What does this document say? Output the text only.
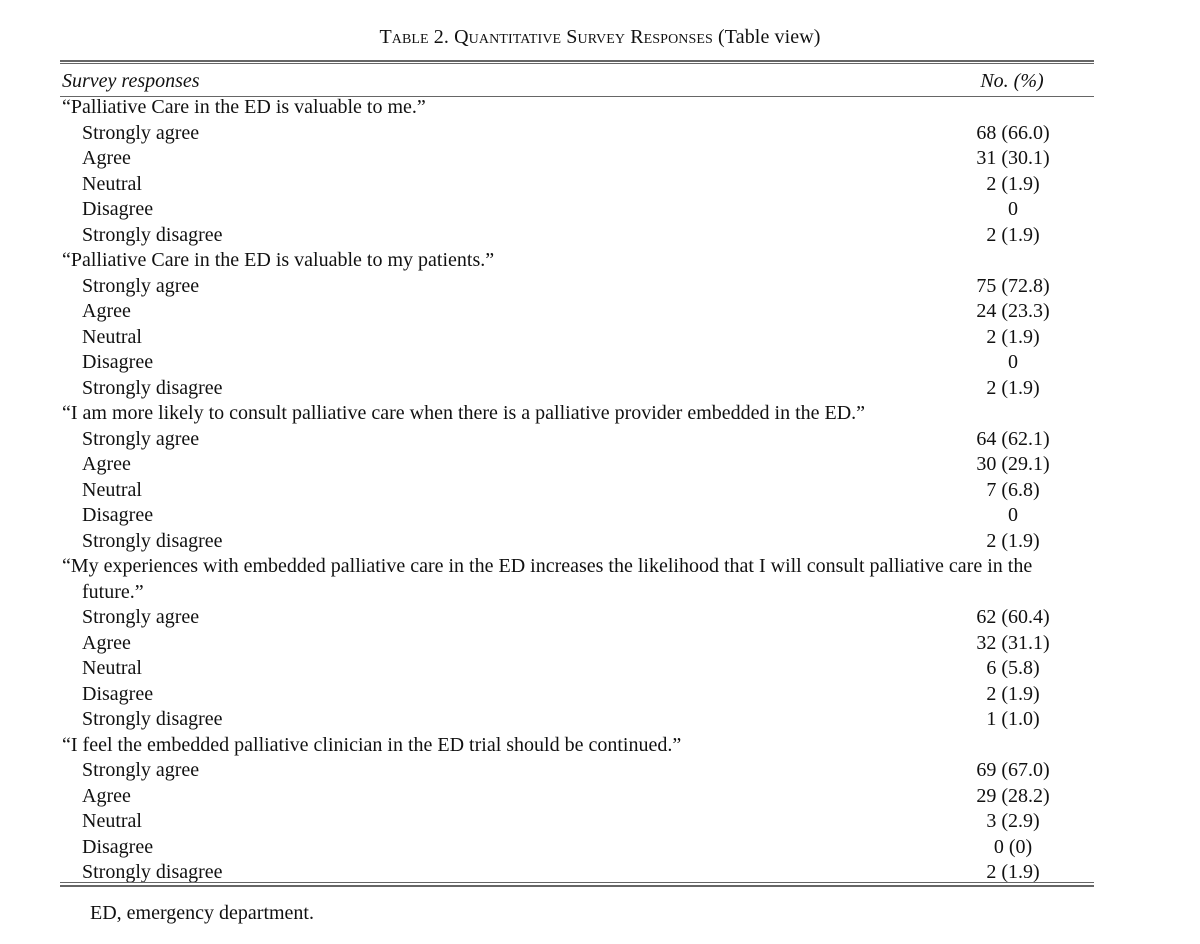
Table 2. Quantitative Survey Responses (Table view)
Survey responses	No. (%)
“Palliative Care in the ED is valuable to me.”
Strongly agree	68 (66.0)
Agree	31 (30.1)
Neutral	2 (1.9)
Disagree	0
Strongly disagree	2 (1.9)
“Palliative Care in the ED is valuable to my patients.”
Strongly agree	75 (72.8)
Agree	24 (23.3)
Neutral	2 (1.9)
Disagree	0
Strongly disagree	2 (1.9)
“I am more likely to consult palliative care when there is a palliative provider embedded in the ED.”
Strongly agree	64 (62.1)
Agree	30 (29.1)
Neutral	7 (6.8)
Disagree	0
Strongly disagree	2 (1.9)
“My experiences with embedded palliative care in the ED increases the likelihood that I will consult palliative care in the future.”
Strongly agree	62 (60.4)
Agree	32 (31.1)
Neutral	6 (5.8)
Disagree	2 (1.9)
Strongly disagree	1 (1.0)
“I feel the embedded palliative clinician in the ED trial should be continued.”
Strongly agree	69 (67.0)
Agree	29 (28.2)
Neutral	3 (2.9)
Disagree	0 (0)
Strongly disagree	2 (1.9)
ED, emergency department.
